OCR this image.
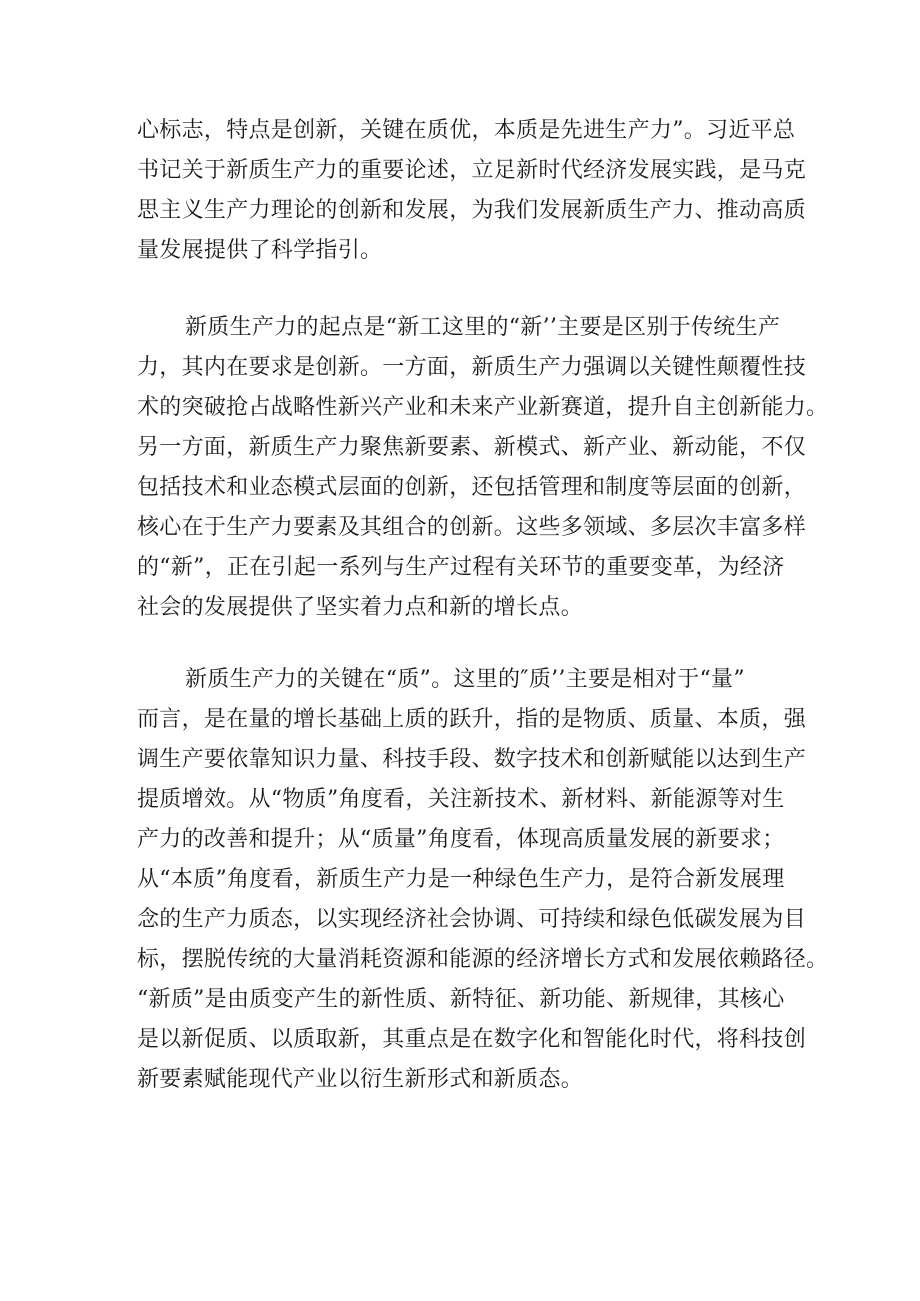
心标志，特点是创新，关键在质优，本质是先进生产力”。习近平总
书记关于新质生产力的重要论述，立足新时代经济发展实践，是马克
思主义生产力理论的创新和发展，为我们发展新质生产力、推动高质
量发展提供了科学指引。
新质生产力的起点是“新工这里的“新’’主要是区别于传统生产
力，其内在要求是创新。一方面，新质生产力强调以关键性颠覆性技
术的突破抢占战略性新兴产业和未来产业新赛道，提升自主创新能力。
另一方面，新质生产力聚焦新要素、新模式、新产业、新动能，不仅
包括技术和业态模式层面的创新，还包括管理和制度等层面的创新，
核心在于生产力要素及其组合的创新。这些多领域、多层次丰富多样
的“新”，正在引起一系列与生产过程有关环节的重要变革，为经济
社会的发展提供了坚实着力点和新的增长点。
新质生产力的关键在“质”。这里的″质’’主要是相对于“量”
而言，是在量的增长基础上质的跃升，指的是物质、质量、本质，强
调生产要依靠知识力量、科技手段、数字技术和创新赋能以达到生产
提质增效。从“物质”角度看，关注新技术、新材料、新能源等对生
产力的改善和提升；从“质量”角度看，体现高质量发展的新要求；
从“本质”角度看，新质生产力是一种绿色生产力，是符合新发展理
念的生产力质态，以实现经济社会协调、可持续和绿色低碳发展为目
标，摆脱传统的大量消耗资源和能源的经济增长方式和发展依赖路径。
“新质”是由质变产生的新性质、新特征、新功能、新规律，其核心
是以新促质、以质取新，其重点是在数字化和智能化时代，将科技创
新要素赋能现代产业以衍生新形式和新质态。
